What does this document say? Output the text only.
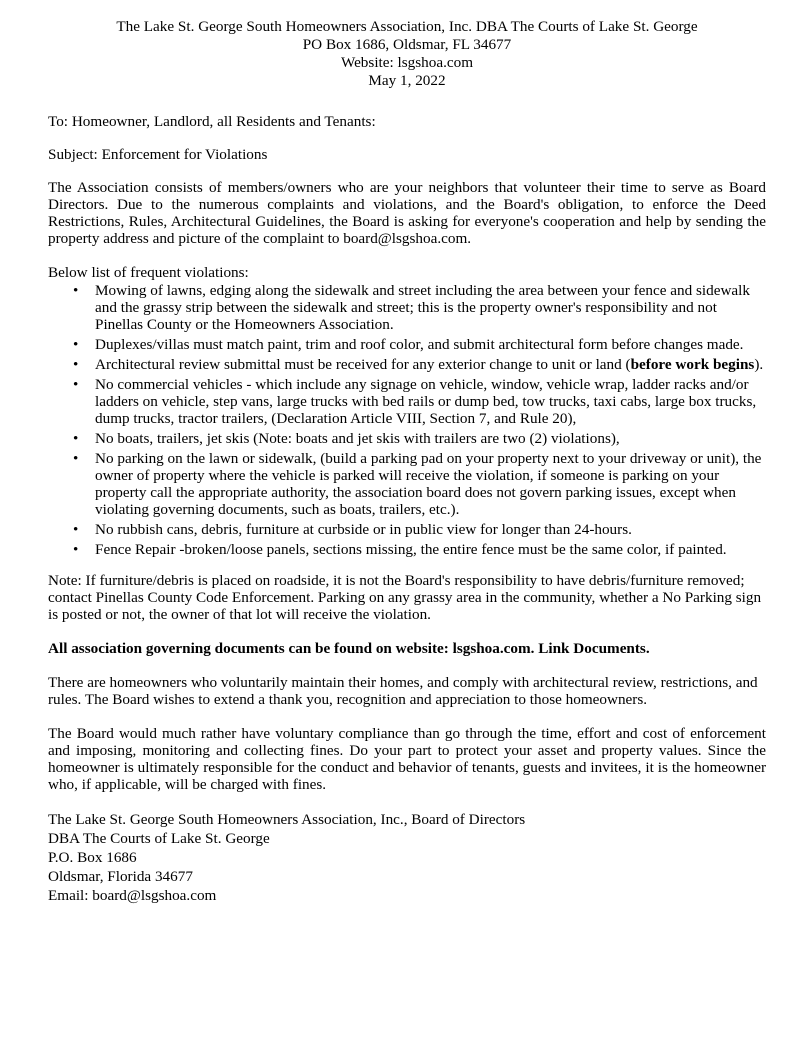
The Lake St. George South Homeowners Association, Inc. DBA The Courts of Lake St. George
PO Box 1686, Oldsmar, FL 34677
Website: lsgshoa.com
May 1, 2022

To: Homeowner, Landlord, all Residents and Tenants:

Subject: Enforcement for Violations

The Association consists of members/owners who are your neighbors that volunteer their time to serve as Board Directors. Due to the numerous complaints and violations, and the Board's obligation, to enforce the Deed Restrictions, Rules, Architectural Guidelines, the Board is asking for everyone's cooperation and help by sending the property address and picture of the complaint to board@lsgshoa.com.

Below list of frequent violations:

• Mowing of lawns, edging along the sidewalk and street including the area between your fence and sidewalk and the grassy strip between the sidewalk and street; this is the property owner's responsibility and not Pinellas County or the Homeowners Association.
• Duplexes/villas must match paint, trim and roof color, and submit architectural form before changes made.
• Architectural review submittal must be received for any exterior change to unit or land (before work begins).
• No commercial vehicles - which include any signage on vehicle, window, vehicle wrap, ladder racks and/or ladders on vehicle, step vans, large trucks with bed rails or dump bed, tow trucks, taxi cabs, large box trucks, dump trucks, tractor trailers, (Declaration Article VIII, Section 7, and Rule 20),
• No boats, trailers, jet skis (Note: boats and jet skis with trailers are two (2) violations),
• No parking on the lawn or sidewalk, (build a parking pad on your property next to your driveway or unit), the owner of property where the vehicle is parked will receive the violation, if someone is parking on your property call the appropriate authority, the association board does not govern parking issues, except when violating governing documents, such as boats, trailers, etc.).
• No rubbish cans, debris, furniture at curbside or in public view for longer than 24-hours.
• Fence Repair -broken/loose panels, sections missing, the entire fence must be the same color, if painted.

Note: If furniture/debris is placed on roadside, it is not the Board's responsibility to have debris/furniture removed; contact Pinellas County Code Enforcement. Parking on any grassy area in the community, whether a No Parking sign is posted or not, the owner of that lot will receive the violation.

All association governing documents can be found on website: lsgshoa.com. Link Documents.

There are homeowners who voluntarily maintain their homes, and comply with architectural review, restrictions, and rules. The Board wishes to extend a thank you, recognition and appreciation to those homeowners.

The Board would much rather have voluntary compliance than go through the time, effort and cost of enforcement and imposing, monitoring and collecting fines. Do your part to protect your asset and property values. Since the homeowner is ultimately responsible for the conduct and behavior of tenants, guests and invitees, it is the homeowner who, if applicable, will be charged with fines.

The Lake St. George South Homeowners Association, Inc., Board of Directors
DBA The Courts of Lake St. George
P.O. Box 1686
Oldsmar, Florida 34677
Email: board@lsgshoa.com
